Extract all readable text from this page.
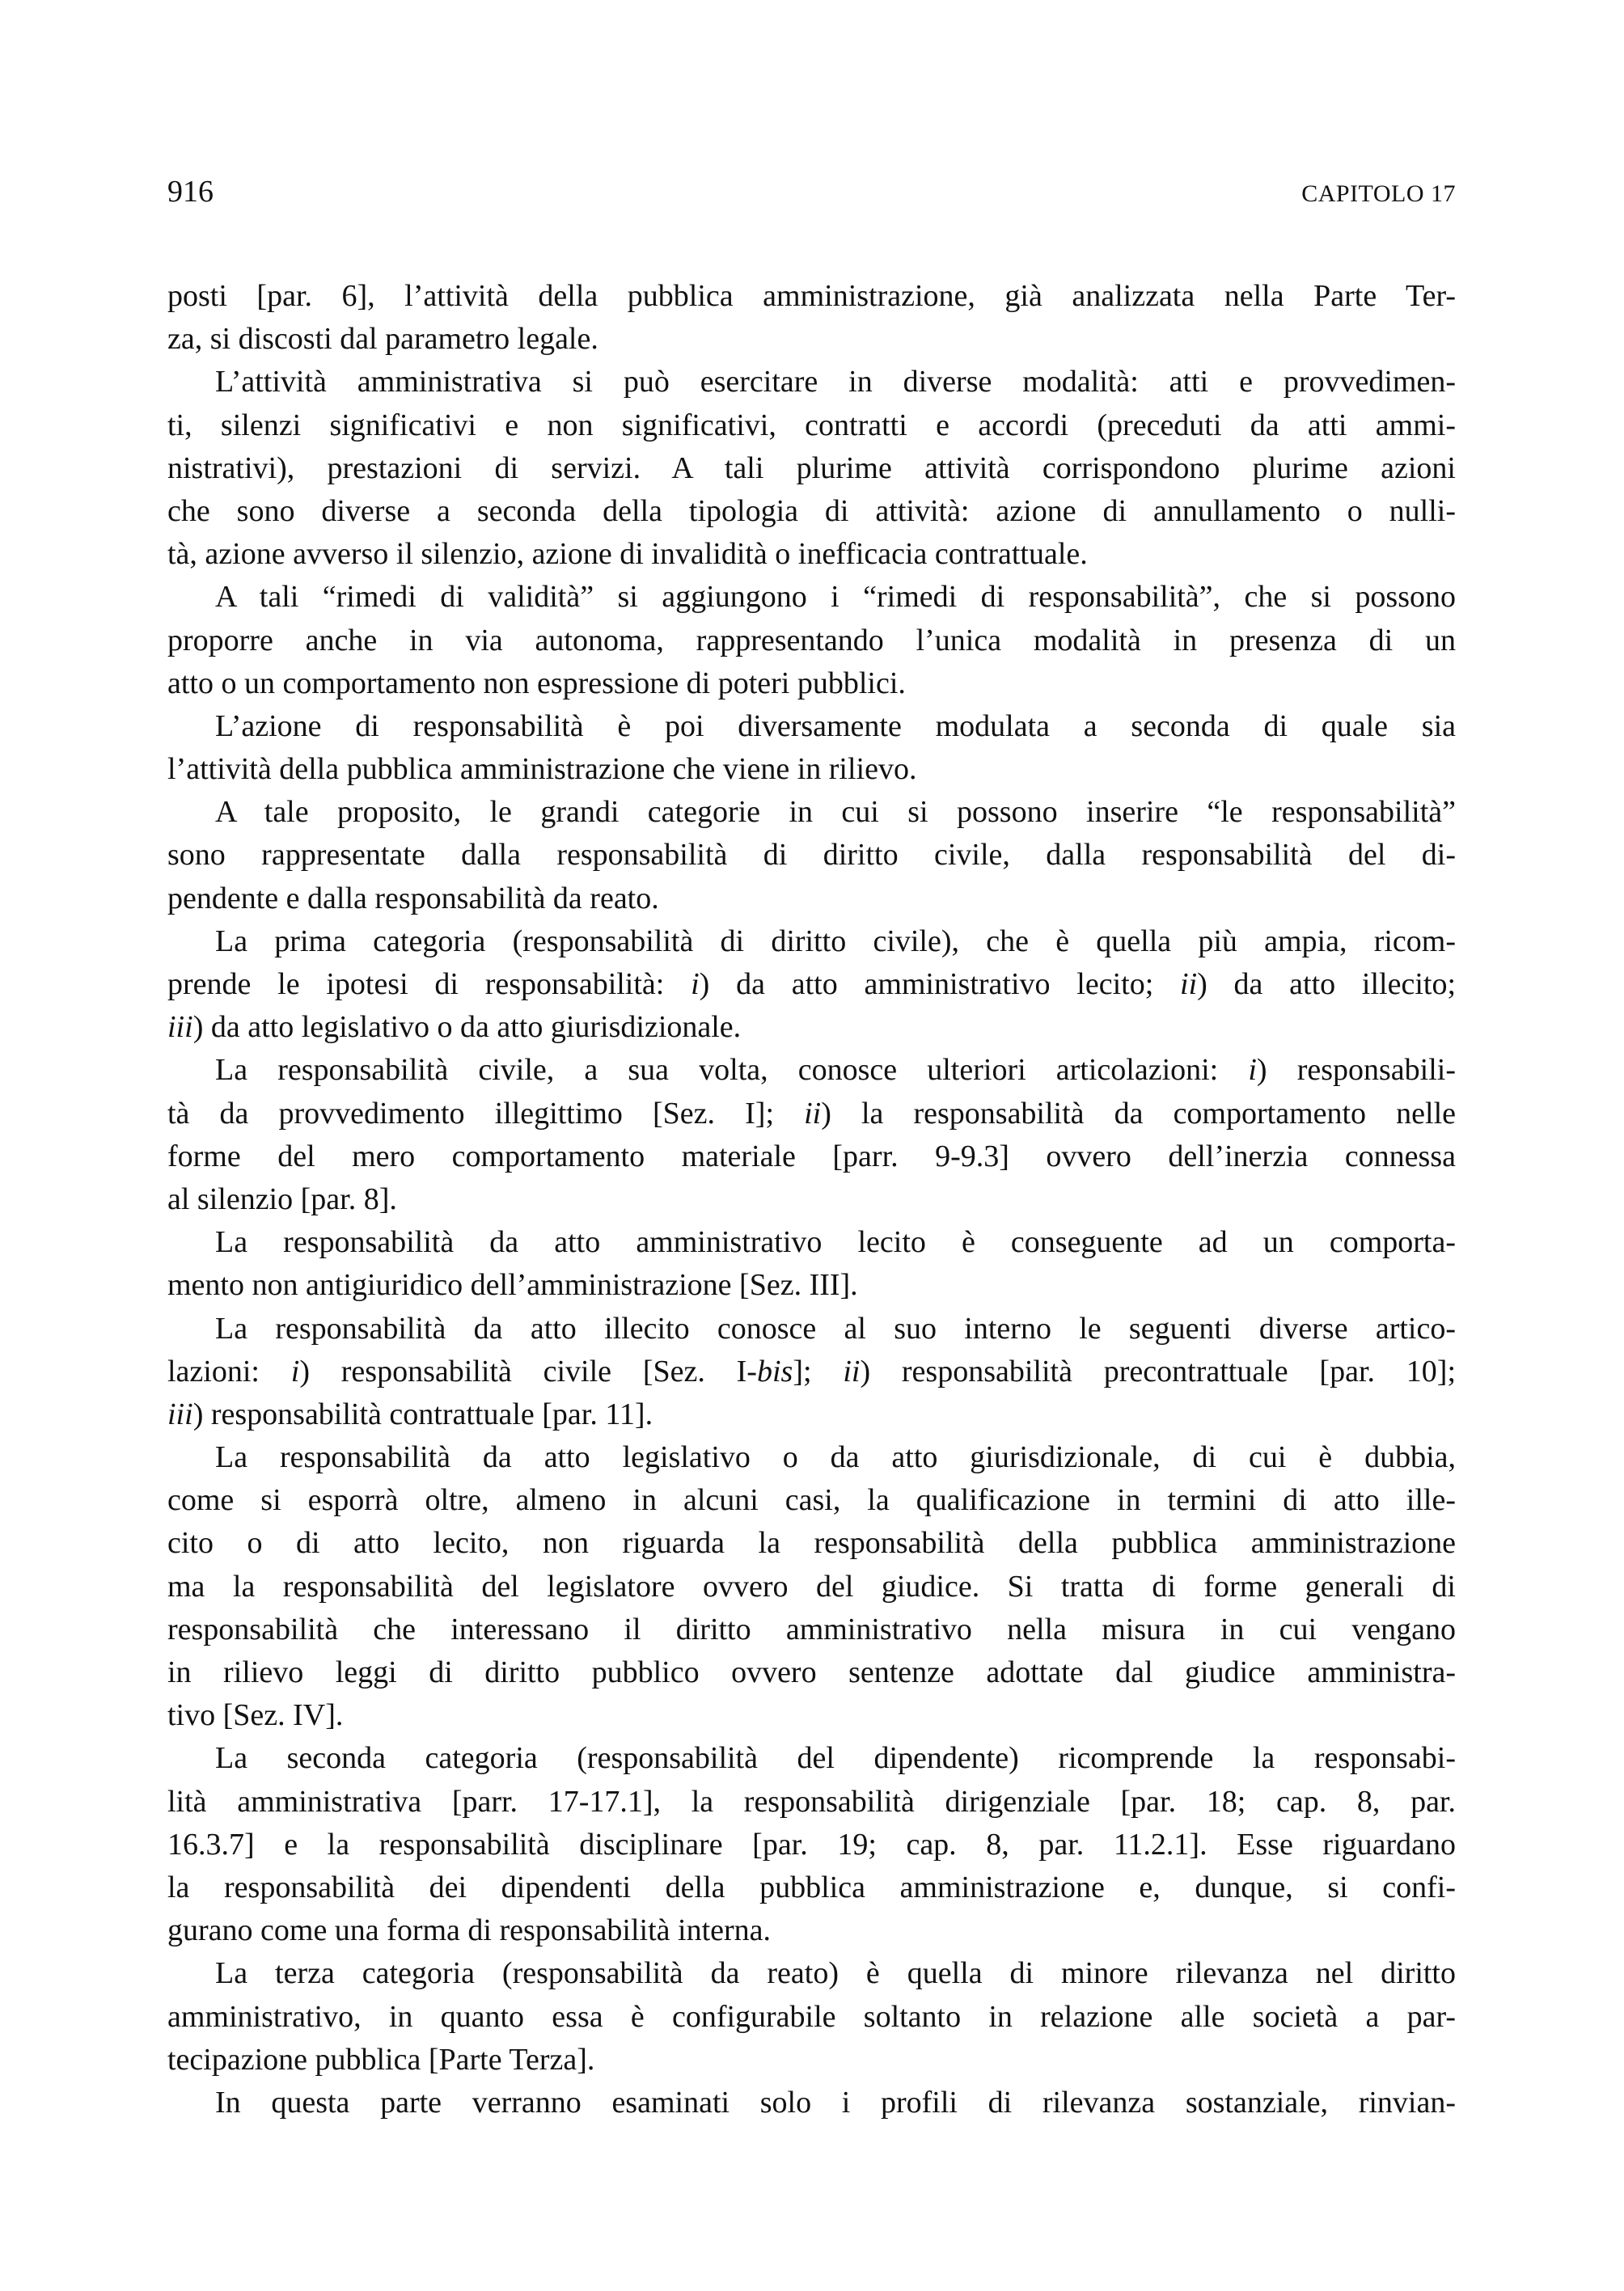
916	CAPITOLO 17
posti [par. 6], l’attività della pubblica amministrazione, già analizzata nella Parte Ter-
za, si discosti dal parametro legale.
L’attività amministrativa si può esercitare in diverse modalità: atti e provvedimen-
ti, silenzi significativi e non significativi, contratti e accordi (preceduti da atti ammi-
nistrativi), prestazioni di servizi. A tali plurime attività corrispondono plurime azioni
che sono diverse a seconda della tipologia di attività: azione di annullamento o nulli-
tà, azione avverso il silenzio, azione di invalidità o inefficacia contrattuale.
A tali “rimedi di validità” si aggiungono i “rimedi di responsabilità”, che si possono
proporre anche in via autonoma, rappresentando l’unica modalità in presenza di un
atto o un comportamento non espressione di poteri pubblici.
L’azione di responsabilità è poi diversamente modulata a seconda di quale sia
l’attività della pubblica amministrazione che viene in rilievo.
A tale proposito, le grandi categorie in cui si possono inserire “le responsabilità”
sono rappresentate dalla responsabilità di diritto civile, dalla responsabilità del di-
pendente e dalla responsabilità da reato.
La prima categoria (responsabilità di diritto civile), che è quella più ampia, ricom-
prende le ipotesi di responsabilità: i) da atto amministrativo lecito; ii) da atto illecito;
iii) da atto legislativo o da atto giurisdizionale.
La responsabilità civile, a sua volta, conosce ulteriori articolazioni: i) responsabili-
tà da provvedimento illegittimo [Sez. I]; ii) la responsabilità da comportamento nelle
forme del mero comportamento materiale [parr. 9-9.3] ovvero dell’inerzia connessa
al silenzio [par. 8].
La responsabilità da atto amministrativo lecito è conseguente ad un comporta-
mento non antigiuridico dell’amministrazione [Sez. III].
La responsabilità da atto illecito conosce al suo interno le seguenti diverse artico-
lazioni: i) responsabilità civile [Sez. I-bis]; ii) responsabilità precontrattuale [par. 10];
iii) responsabilità contrattuale [par. 11].
La responsabilità da atto legislativo o da atto giurisdizionale, di cui è dubbia,
come si esporrà oltre, almeno in alcuni casi, la qualificazione in termini di atto ille-
cito o di atto lecito, non riguarda la responsabilità della pubblica amministrazione
ma la responsabilità del legislatore ovvero del giudice. Si tratta di forme generali di
responsabilità che interessano il diritto amministrativo nella misura in cui vengano
in rilievo leggi di diritto pubblico ovvero sentenze adottate dal giudice amministra-
tivo [Sez. IV].
La seconda categoria (responsabilità del dipendente) ricomprende la responsabi-
lità amministrativa [parr. 17-17.1], la responsabilità dirigenziale [par. 18; cap. 8, par.
16.3.7] e la responsabilità disciplinare [par. 19; cap. 8, par. 11.2.1]. Esse riguardano
la responsabilità dei dipendenti della pubblica amministrazione e, dunque, si confi-
gurano come una forma di responsabilità interna.
La terza categoria (responsabilità da reato) è quella di minore rilevanza nel diritto
amministrativo, in quanto essa è configurabile soltanto in relazione alle società a par-
tecipazione pubblica [Parte Terza].
In questa parte verranno esaminati solo i profili di rilevanza sostanziale, rinvian-
